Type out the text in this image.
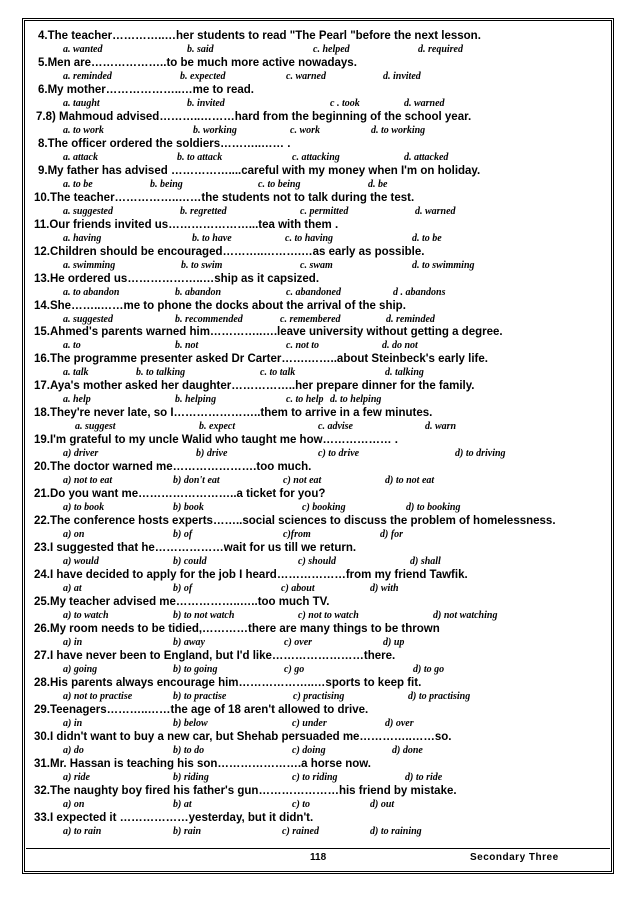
4.The teacher…………..…her students to read "The Pearl "before the next lesson.
a. wanted	b. said	c. helped	d. required
5.Men are………………..to be much more active nowadays.
a. reminded	b. expected	c. warned	d. invited
6.My mother………………..…me to read.
a. taught	b. invited	c . took	d. warned
7.8) Mahmoud advised………..………hard from the beginning of the school year.
a. to work	b. working	c. work	d. to working
8.The officer ordered the soldiers………..…… .
a. attack	b. to attack	c. attacking	d. attacked
9.My father has advised ……………....careful with my money when I'm on holiday.
a. to be	b. being	c. to being	d. be
10.The teacher……………..……the students not to talk during the test.
a. suggested	b. regretted	c. permitted	d. warned
11.Our friends invited us…………………...tea with them .
a. having	b. to have	c. to having	d. to be
12.Children should be encouraged………..……….…as early as possible.
a. swimming	b. to swim	c. swam	d. to swimming
13.He ordered us………………..…ship as it capsized.
a. to abandon	b. abandon	c. abandoned	d . abandons
14.She……..……me to phone the docks about the arrival of the ship.
a. suggested	b. recommended	c. remembered	d. reminded
15.Ahmed's parents warned him…………..….leave university without getting a degree.
a. to	b. not	c. not to	d. do not
16.The programme presenter asked Dr Carter…….……..about Steinbeck's early life.
a. talk	b. to talking	c. to talk	d. talking
17.Aya's mother asked her daughter……………..her prepare dinner for the family.
a. help	b. helping	c. to help d. to helping
18.They're never late, so I…………………..them to arrive in a few minutes.
a. suggest	b. expect	c. advise	d. warn
19.I'm grateful to my uncle Walid who taught me how……………… .
a) driver	b) drive	c) to drive	d) to driving
20.The doctor warned me………………….too much.
a) not to eat	b) don't eat	c) not eat	d) to not eat
21.Do you want me……………………..a ticket for you?
a) to book	b) book	c) booking	d) to booking
22.The conference hosts experts……..social sciences to discuss the problem of homelessness.
a) on	b) of	c)from	d) for
23.I suggested that he………………wait for us till we return.
a) would	b) could	c) should	d) shall
24.I have decided to apply for the job I heard………………from my friend Tawfik.
a) at	b) of	c) about	d) with
25.My teacher advised me……………..…..too much TV.
a) to watch	b) to not watch	c) not to watch	d) not watching
26.My room needs to be tidied,…………there are many things to be thrown
a) in	b) away	c) over	d) up
27.I have never been to England, but I'd like……………………there.
a) going	b) to going	c) go	d) to go
28.His parents always encourage him………………..…sports to keep fit.
a) not to practise	b) to practise	c) practising	d) to practising
29.Teenagers………..……the age of 18 aren't allowed to drive.
a) in	b) below	c) under	d) over
30.I didn't want to buy a new car, but Shehab persuaded me…………..……so.
a) do	b) to do	c) doing	d) done
31.Mr. Hassan is teaching his son………………….a horse now.
a) ride	b) riding	c) to riding	d) to ride
32.The naughty boy fired his father's gun…………………his friend by mistake.
a) on	b) at	c) to	d) out
33.I expected it ………………yesterday, but it didn't.
a) to rain	b) rain	c) rained	d) to raining
118	Secondary Three
